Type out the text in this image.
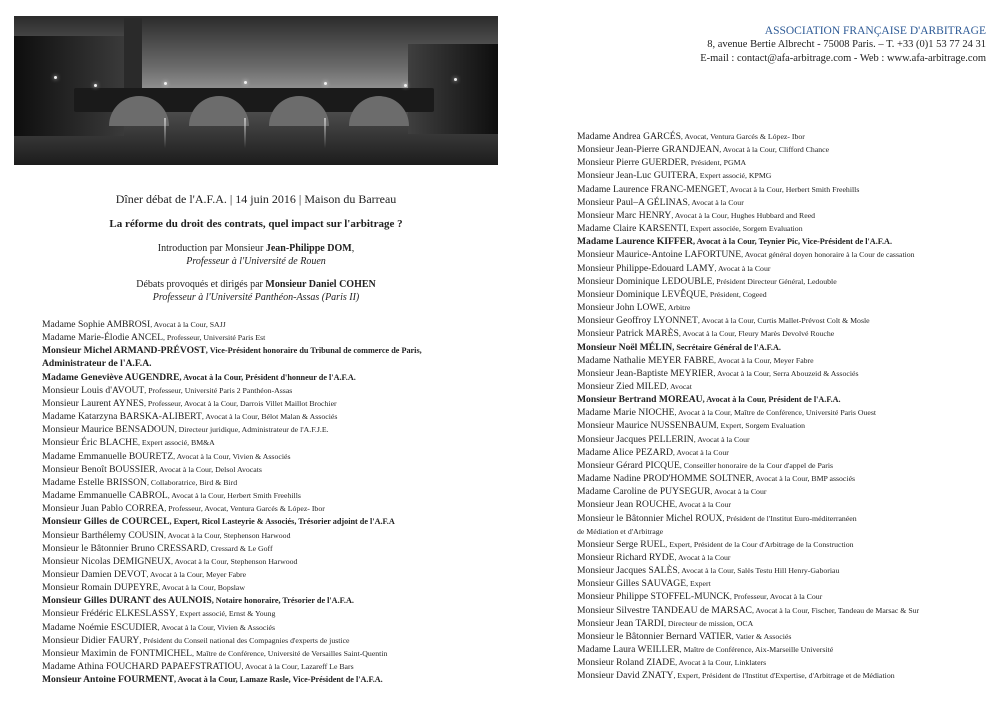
ASSOCIATION FRANÇAISE D'ARBITRAGE
8, avenue Bertie Albrecht - 75008 Paris. – T. +33 (0)1 53 77 24 31
E-mail : contact@afa-arbitrage.com - Web : www.afa-arbitrage.com
Dîner débat de l'A.F.A. | 14 juin 2016 | Maison du Barreau
La réforme du droit des contrats, quel impact sur l'arbitrage ?
Introduction par Monsieur Jean-Philippe DOM,
Professeur à l'Université de Rouen
Débats provoqués et dirigés par Monsieur Daniel COHEN
Professeur à l'Université Panthéon-Assas (Paris II)
Madame Sophie AMBROSI, Avocat à la Cour, SAJJ
Madame Marie-Élodie ANCEL, Professeur, Université Paris Est
Monsieur Michel ARMAND-PRÉVOST, Vice-Président honoraire du Tribunal de commerce de Paris,
Administrateur de l'A.F.A.
Madame Geneviève AUGENDRE, Avocat à la Cour, Président d'honneur de l'A.F.A.
Monsieur Louis d'AVOUT, Professeur, Université Paris 2 Panthéon-Assas
Monsieur Laurent AYNES, Professeur, Avocat à la Cour, Darrois Villet Maillot Brochier
Madame Katarzyna BARSKA-ALIBERT, Avocat à la Cour, Bélot Malan & Associés
Monsieur Maurice BENSADOUN, Directeur juridique, Administrateur de l'A.F.J.E.
Monsieur Éric BLACHE, Expert associé, BM&A
Madame Emmanuelle BOURETZ, Avocat à la Cour, Vivien & Associés
Monsieur Benoît BOUSSIER, Avocat à la Cour, Delsol Avocats
Madame Estelle BRISSON, Collaboratrice, Bird & Bird
Madame Emmanuelle CABROL, Avocat à la Cour, Herbert Smith Freehills
Monsieur Juan Pablo CORREA, Professeur, Avocat, Ventura Garcés & López- Ibor
Monsieur Gilles de COURCEL, Expert, Ricol Lasteyrie & Associés, Trésorier adjoint de l'A.F.A
Monsieur Barthélemy COUSIN, Avocat à la Cour, Stephenson Harwood
Monsieur le Bâtonnier Bruno CRESSARD, Cressard & Le Goff
Monsieur Nicolas DEMIGNEUX, Avocat à la Cour, Stephenson Harwood
Monsieur Damien DEVOT, Avocat à la Cour, Meyer Fabre
Monsieur Romain DUPEYRE, Avocat à la Cour, Bopslaw
Monsieur Gilles DURANT des AULNOIS, Notaire honoraire, Trésorier de l'A.F.A.
Monsieur Frédéric ELKESLASSY, Expert associé, Ernst & Young
Madame Noémie ESCUDIER, Avocat à la Cour, Vivien & Associés
Monsieur Didier FAURY, Président du Conseil national des Compagnies d'experts de justice
Monsieur Maximin de FONTMICHEL, Maître de Conférence, Université de Versailles Saint-Quentin
Madame Athina FOUCHARD PAPAEFSTRATIOU, Avocat à la Cour, Lazareff Le Bars
Monsieur Antoine FOURMENT, Avocat à la Cour, Lamaze Rasle, Vice-Président de l'A.F.A.
Madame Andrea GARCÉS, Avocat, Ventura Garcés & López- Ibor
Monsieur Jean-Pierre GRANDJEAN, Avocat à la Cour, Clifford Chance
Monsieur Pierre GUERDER, Président, PGMA
Monsieur Jean-Luc GUITERA, Expert associé, KPMG
Madame Laurence FRANC-MENGET, Avocat à la Cour, Herbert Smith Freehills
Monsieur Paul–A GÉLINAS, Avocat à la Cour
Monsieur Marc HENRY, Avocat à la Cour, Hughes Hubbard and Reed
Madame Claire KARSENTI, Expert associée, Sorgem Evaluation
Madame Laurence KIFFER, Avocat à la Cour, Teynier Pic, Vice-Président de l'A.F.A.
Monsieur Maurice-Antoine LAFORTUNE, Avocat général doyen honoraire à la Cour de cassation
Monsieur Philippe-Edouard LAMY, Avocat à la Cour
Monsieur Dominique LEDOUBLE, Président Directeur Général, Ledouble
Monsieur Dominique LEVÊQUE, Président, Cogeed
Monsieur John LOWE, Arbitre
Monsieur Geoffroy LYONNET, Avocat à la Cour, Curtis Mallet-Prévost Colt & Mosle
Monsieur Patrick MARÈS, Avocat à la Cour, Fleury Marès Devolvé Rouche
Monsieur Noël MÉLIN, Secrétaire Général de l'A.F.A.
Madame Nathalie MEYER FABRE, Avocat à la Cour, Meyer Fabre
Monsieur Jean-Baptiste MEYRIER, Avocat à la Cour, Serra Abouzeid & Associés
Monsieur Zied MILED, Avocat
Monsieur Bertrand MOREAU, Avocat à la Cour, Président de l'A.F.A.
Madame Marie NIOCHE, Avocat à la Cour, Maître de Conférence, Université Paris Ouest
Monsieur Maurice NUSSENBAUM, Expert, Sorgem Evaluation
Monsieur Jacques PELLERIN, Avocat à la Cour
Madame Alice PEZARD, Avocat à la Cour
Monsieur Gérard PICQUE, Conseiller honoraire de la Cour d'appel de Paris
Madame Nadine PROD'HOMME SOLTNER, Avocat à la Cour, BMP associés
Madame Caroline de PUYSEGUR, Avocat à la Cour
Monsieur Jean ROUCHE, Avocat à la Cour
Monsieur le Bâtonnier Michel ROUX, Président de l'Institut Euro-méditerranéen
de Médiation et d'Arbitrage
Monsieur Serge RUEL, Expert, Président de la Cour d'Arbitrage de la Construction
Monsieur Richard RYDE, Avocat à la Cour
Monsieur Jacques SALÈS, Avocat à la Cour, Salès Testu Hill Henry-Gaboriau
Monsieur Gilles SAUVAGE, Expert
Monsieur Philippe STOFFEL-MUNCK, Professeur, Avocat à la Cour
Monsieur Silvestre TANDEAU de MARSAC, Avocat à la Cour, Fischer, Tandeau de Marsac & Sur
Monsieur Jean TARDI, Directeur de mission, OCA
Monsieur le Bâtonnier Bernard VATIER, Vatier & Associés
Madame Laura WEILLER, Maître de Conférence, Aix-Marseille Université
Monsieur Roland ZIADE, Avocat à la Cour, Linklaters
Monsieur David ZNATY, Expert, Président de l'Institut d'Expertise, d'Arbitrage et de Médiation
